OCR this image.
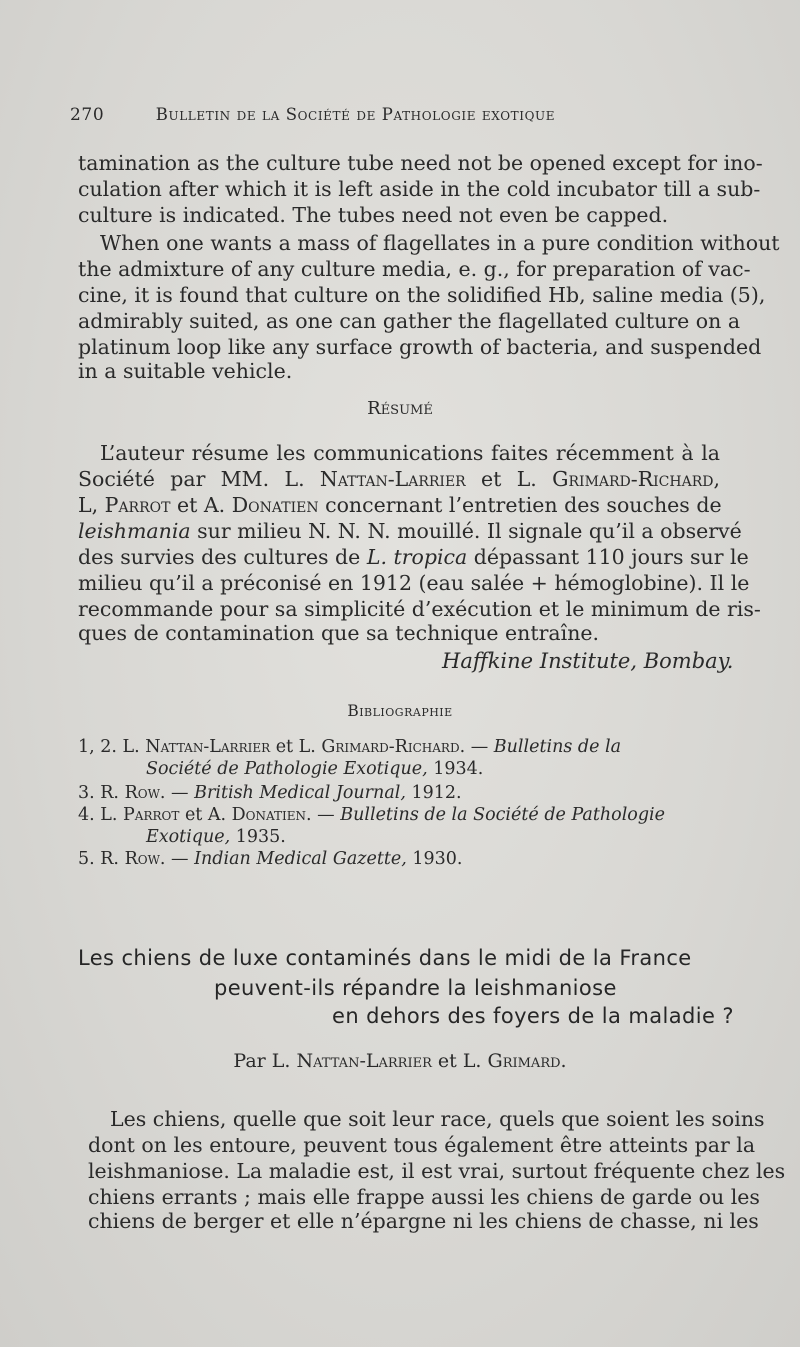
270	Bulletin de la Société de Pathologie exotique
tamination as the culture tube need not be opened except for ino-
culation after which it is left aside in the cold incubator till a sub-
culture is indicated. The tubes need not even be capped.
When one wants a mass of flagellates in a pure condition without
the admixture of any culture media, e. g., for preparation of vac-
cine, it is found that culture on the solidified Hb, saline media (5),
admirably suited, as one can gather the flagellated culture on a
platinum loop like any surface growth of bacteria, and suspended
in a suitable vehicle.
Résumé
L’auteur résume les communications faites récemment à la
Société par MM. L. Nattan-Larrier et L. Grimard-Richard,
L, Parrot et A. Donatien concernant l’entretien des souches de
leishmania sur milieu N. N. N. mouillé. Il signale qu’il a observé
des survies des cultures de L. tropica dépassant 110 jours sur le
milieu qu’il a préconisé en 1912 (eau salée + hémoglobine). Il le
recommande pour sa simplicité d’exécution et le minimum de ris-
ques de contamination que sa technique entraîne.
Haffkine Institute, Bombay.
Bibliographie
1, 2. L. Nattan-Larrier et L. Grimard-Richard. — Bulletins de la
Société de Pathologie Exotique, 1934.
3. R. Row. — British Medical Journal, 1912.
4. L. Parrot et A. Donatien. — Bulletins de la Société de Pathologie
Exotique, 1935.
5. R. Row. — Indian Medical Gazette, 1930.
Les chiens de luxe contaminés dans le midi de la France
peuvent-ils répandre la leishmaniose
en dehors des foyers de la maladie ?
Par L. Nattan-Larrier et L. Grimard.
Les chiens, quelle que soit leur race, quels que soient les soins
dont on les entoure, peuvent tous également être atteints par la
leishmaniose. La maladie est, il est vrai, surtout fréquente chez les
chiens errants ; mais elle frappe aussi les chiens de garde ou les
chiens de berger et elle n’épargne ni les chiens de chasse, ni les
